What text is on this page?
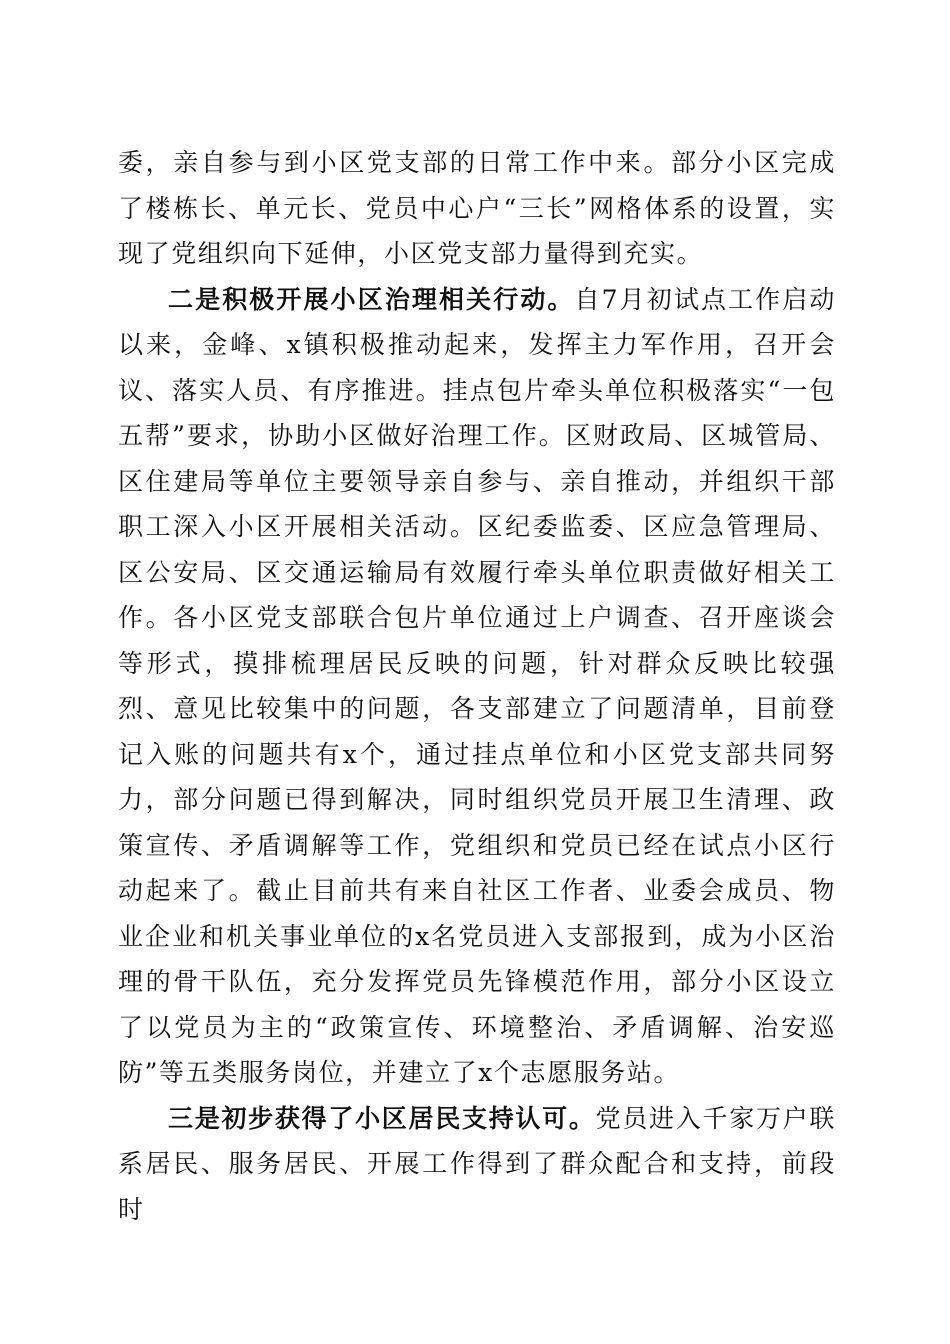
委，亲自参与到小区党支部的日常工作中来。部分小区完成了楼栋长、单元长、党员中心户“三长”网格体系的设置，实现了党组织向下延伸，小区党支部力量得到充实。

二是积极开展小区治理相关行动。自7月初试点工作启动以来，金峰、x镇积极推动起来，发挥主力军作用，召开会议、落实人员、有序推进。挂点包片牵头单位积极落实“一包五帮”要求，协助小区做好治理工作。区财政局、区城管局、区住建局等单位主要领导亲自参与、亲自推动，并组织干部职工深入小区开展相关活动。区纪委监委、区应急管理局、区公安局、区交通运输局有效履行牵头单位职责做好相关工作。各小区党支部联合包片单位通过上户调查、召开座谈会等形式，摸排梳理居民反映的问题，针对群众反映比较强烈、意见比较集中的问题，各支部建立了问题清单，目前登记入账的问题共有x个，通过挂点单位和小区党支部共同努力，部分问题已得到解决，同时组织党员开展卫生清理、政策宣传、矛盾调解等工作，党组织和党员已经在试点小区行动起来了。截止目前共有来自社区工作者、业委会成员、物业企业和机关事业单位的x名党员进入支部报到，成为小区治理的骨干队伍，充分发挥党员先锋模范作用，部分小区设立了以党员为主的“政策宣传、环境整治、矛盾调解、治安巡防”等五类服务岗位，并建立了x个志愿服务站。

三是初步获得了小区居民支持认可。党员进入千家万户联系居民、服务居民、开展工作得到了群众配合和支持，前段时
